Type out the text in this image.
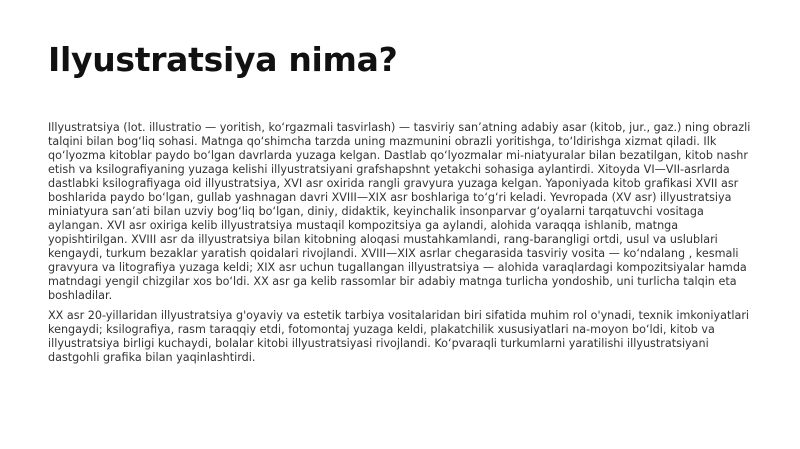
Ilyustratsiya nima?

Illyustratsiya (lot. illustratio — yoritish, ko‘rgazmali tasvirlash) — tasviriy san’atning adabiy asar (kitob, jur., gaz.) ning obrazli talqini bilan bog‘liq sohasi. Matnga qo‘shimcha tarzda uning mazmunini obrazli yoritishga, to‘ldirishga xizmat qiladi. Ilk qo‘lyozma kitoblar paydo bo‘lgan davrlarda yuzaga kelgan. Dastlab qo‘lyozmalar mi-niatyuralar bilan bezatilgan, kitob nashr etish va ksilografiyaning yuzaga kelishi illyustratsiyani grafshapshnt yetakchi sohasiga aylantirdi. Xitoyda VI—VII-asrlarda dastlabki ksilografiyaga oid illyustratsiya, XVI asr oxirida rangli gravyura yuzaga kelgan. Yaponiyada kitob grafikasi XVII asr boshlarida paydo bo‘lgan, gullab yashnagan davri XVIII—XIX asr boshlariga to‘g‘ri keladi. Yevropada (XV asr) illyustratsiya miniatyura san’ati bilan uzviy bog‘liq bo‘lgan, diniy, didaktik, keyinchalik insonparvar g‘oyalarni tarqatuvchi vositaga aylangan. XVI asr oxiriga kelib illyustratsiya mustaqil kompozitsiya ga aylandi, alohida varaqqa ishlanib, matnga yopishtirilgan. XVIII asr da illyustratsiya bilan kitobning aloqasi mustahkamlandi, rang-barangligi ortdi, usul va uslublari kengaydi, turkum bezaklar yaratish qoidalari rivojlandi. XVIII—XIX asrlar chegarasida tasviriy vosita — ko‘ndalang , kesmali gravyura va litografiya yuzaga keldi; XIX asr uchun tugallangan illyustratsiya — alohida varaqlardagi kompozitsiyalar hamda matndagi yengil chizgilar xos bo‘ldi. XX asr ga kelib rassomlar bir adabiy matnga turlicha yondoshib, uni turlicha talqin eta boshladilar.

XX asr 20-yillaridan illyustratsiya g'oyaviy va estetik tarbiya vositalaridan biri sifatida muhim rol o'ynadi, texnik imkoniyatlari kengaydi; ksilografiya, rasm taraqqiy etdi, fotomontaj yuzaga keldi, plakatchilik xususiyatlari na-moyon bo‘ldi, kitob va illyustratsiya birligi kuchaydi, bolalar kitobi illyustratsiyasi rivojlandi. Ko‘pvaraqli turkumlarni yaratilishi illyustratsiyani dastgohli grafika bilan yaqinlashtirdi.
